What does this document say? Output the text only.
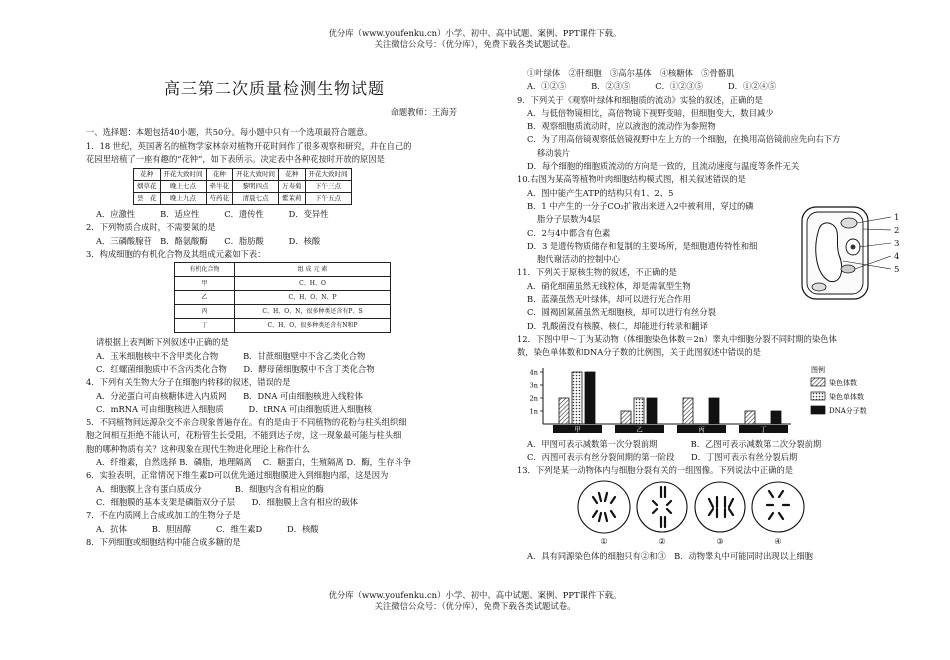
优分库（www.youfenku.cn）小学、初中、高中试题、案例、PPT课件下载。
关注微信公众号：（优分库），免费下载各类试题试卷。
高三第二次质量检测生物试题
命题教师：王海芳
一、选择题：本题包括40小题，共50分。每小题中只有一个选项最符合题意。
1．18 世纪，英国著名的植物学家林奈对植物开花时间作了很多观察和研究，并在自己的
花园里培植了一座有趣的“花钟”，如下表所示。决定表中各种花按时开放的原因是
花种	开花大致时间	花种	开花大致时间	花种	开花大致时间
烟草花	晚上七点	牵牛花	黎明四点	万寿菊	下午三点
昙　花	晚上九点	芍药花	清晨七点	紫茉莉	下午五点
A．应激性　　　B．适应性　　　C．遗传性　　　D．变异性
2．下列物质合成时，不需要氮的是
A．三磷酸腺苷　B．酪氨酸酶　　C．脂肪酸　　　D．核酸
3．构成细胞的有机化合物及其组成元素如下表：
有机化合物	组 成 元 素
甲	C、H、O
乙	C、H、O、N、P
丙	C、H、O、N，很多种类还含有P、S
丁	C、H、O，很多种类还含有N和P
请根据上表判断下列叙述中正确的是
A．玉米细胞核中不含甲类化合物　　　	B．甘蔗细胞壁中不含乙类化合物
C．红螺菌细胞质中不含丙类化合物　　 D．酵母菌细胞膜中不含丁类化合物
4．下列有关生物大分子在细胞内转移的叙述，错误的是
A．分泌蛋白可由核糖体进入内质网　　 B．DNA 可由细胞核进入线粒体
C．mRNA 可由细胞核进入细胞质　　　	D．tRNA 可由细胞质进入细胞核
5．不同植物间远源杂交不亲合现象普遍存在。有的是由于不同植物的花粉与柱头组织细
胞之间相互拒绝不能认可，花粉管生长受阻，不能到达子房，这一现象最可能与柱头细
胞的哪种物质有关？这种现象在现代生物进化理论上称作什么
A．纤维素，自然选择 B．磷脂，地理隔离　 C．糖蛋白，生殖隔离 D．酶，生存斗争
6．实验表明，正常情况下维生素D可以优先通过细胞膜进入到细胞内部，这是因为
A．细胞膜上含有蛋白质成分　　　　	B．细胞内含有相应的酶
C．细胞膜的基本支架是磷脂双分子层　　 D．细胞膜上含有相应的载体
7．不在内质网上合成或加工的生物分子是
A．抗体　　　B．胆固醇　　　C．维生素D　　　D．核酸
8．下列细胞或细胞结构中能合成多糖的是
①叶绿体　②肝细胞　③高尔基体　④核糖体　⑤骨骼肌
A．①②⑤　　　B．②③⑤　　　C．①②③⑤　　　D．①②④⑤
9．下列关于《观察叶绿体和细胞质的流动》实验的叙述，正确的是
A．与低倍物镜相比，高倍物镜下视野变暗，但细胞变大，数目减少
B．观察细胞质流动时，应以液泡的流动作为参照物
C．为了用高倍镜观察低倍镜视野中左上方的一个细胞，在换用高倍镜前应先向右下方
移动装片
D．每个细胞的细胞质流动的方向是一致的，且流动速度与温度等条件无关
10.右图为某高等植物叶肉细胞结构模式图，相关叙述错误的是
A．图中能产生ATP的结构只有1、2、5
B．1 中产生的一分子CO₂扩散出来进入2中被利用，穿过的磷
脂分子层数为4层
C．2与4中都含有色素
D．3 是遗传物质储存和复制的主要场所，是细胞遗传特性和细
胞代谢活动的控制中心
1
2
3
4
5
11．下列关于原核生物的叙述，不正确的是
A．硝化细菌虽然无线粒体，却是需氧型生物
B．蓝藻虽然无叶绿体，却可以进行光合作用
C．圆褐固氮菌虽然无细胞核，却可以进行有丝分裂
D．乳酸菌没有核膜、核仁，却能进行转录和翻译
12．下图中甲～丁为某动物（体细胞染色体数＝2n）睾丸中细胞分裂不同时期的染色体
数，染色单体数和DNA分子数的比例图，关于此图叙述中错误的是
4n
3n
2n
1n
甲	乙	丙	丁
图例
染色体数
染色单体数
DNA分子数
A．甲图可表示减数第一次分裂前期　　　　	B．乙图可表示减数第二次分裂前期
C．丙图可表示有丝分裂间期的第一阶段　　 D．丁图可表示有丝分裂后期
13．下列是某一动物体内与细胞分裂有关的一组图像。下列说法中正确的是
①	②	③	④
A．具有同源染色体的细胞只有②和③　 B．动物睾丸中可能同时出现以上细胞
优分库（www.youfenku.cn）小学、初中、高中试题、案例、PPT课件下载。
关注微信公众号：（优分库），免费下载各类试题试卷。
